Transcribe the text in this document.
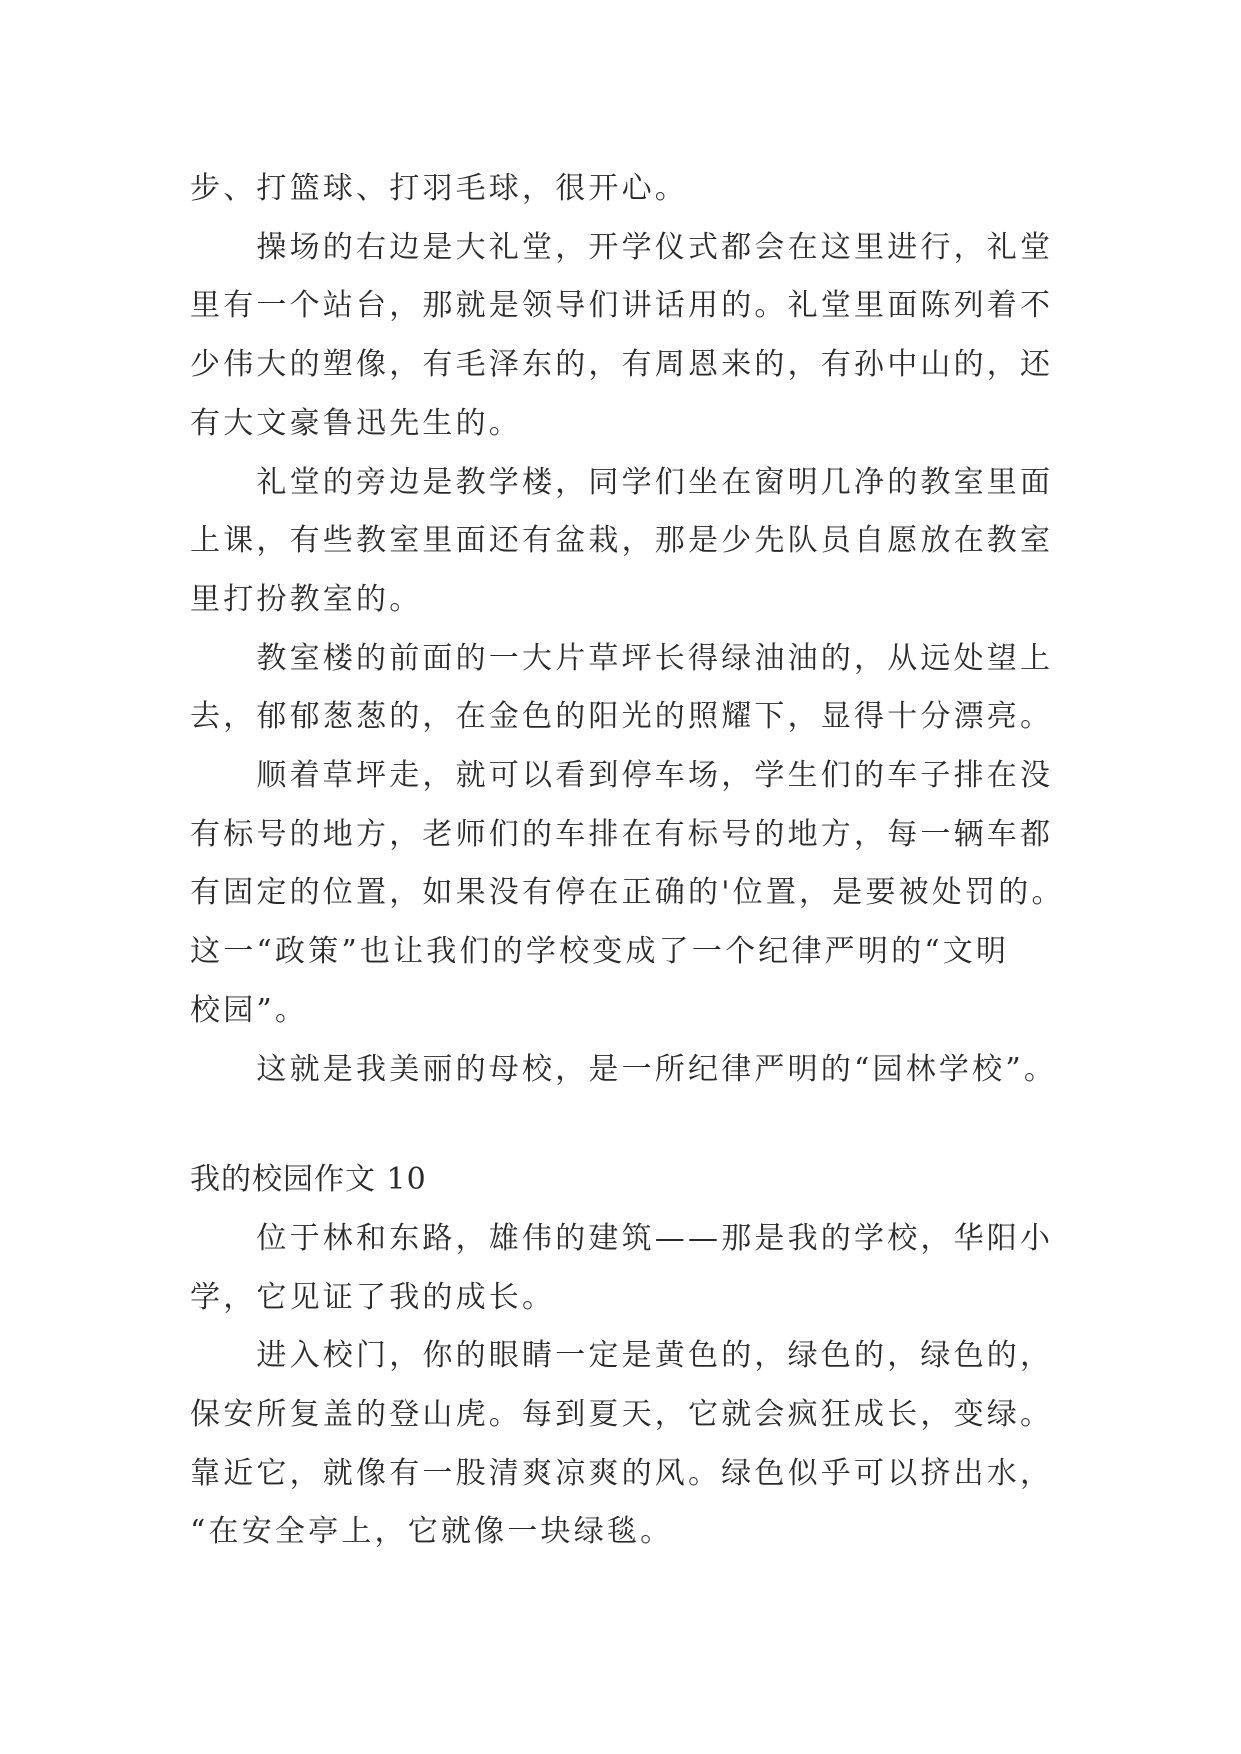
步、打篮球、打羽毛球，很开心。

　　操场的右边是大礼堂，开学仪式都会在这里进行，礼堂

里有一个站台，那就是领导们讲话用的。礼堂里面陈列着不

少伟大的塑像，有毛泽东的，有周恩来的，有孙中山的，还

有大文豪鲁迅先生的。

　　礼堂的旁边是教学楼，同学们坐在窗明几净的教室里面

上课，有些教室里面还有盆栽，那是少先队员自愿放在教室

里打扮教室的。

　　教室楼的前面的一大片草坪长得绿油油的，从远处望上

去，郁郁葱葱的，在金色的阳光的照耀下，显得十分漂亮。

　　顺着草坪走，就可以看到停车场，学生们的车子排在没

有标号的地方，老师们的车排在有标号的地方，每一辆车都

有固定的位置，如果没有停在正确的'位置，是要被处罚的。

这一“政策”也让我们的学校变成了一个纪律严明的“文明

校园”。

　　这就是我美丽的母校，是一所纪律严明的“园林学校”。

我的校园作文 10

　　位于林和东路，雄伟的建筑——那是我的学校，华阳小

学，它见证了我的成长。

　　进入校门，你的眼睛一定是黄色的，绿色的，绿色的，

保安所复盖的登山虎。每到夏天，它就会疯狂成长，变绿。

靠近它，就像有一股清爽凉爽的风。绿色似乎可以挤出水，

“在安全亭上，它就像一块绿毯。
